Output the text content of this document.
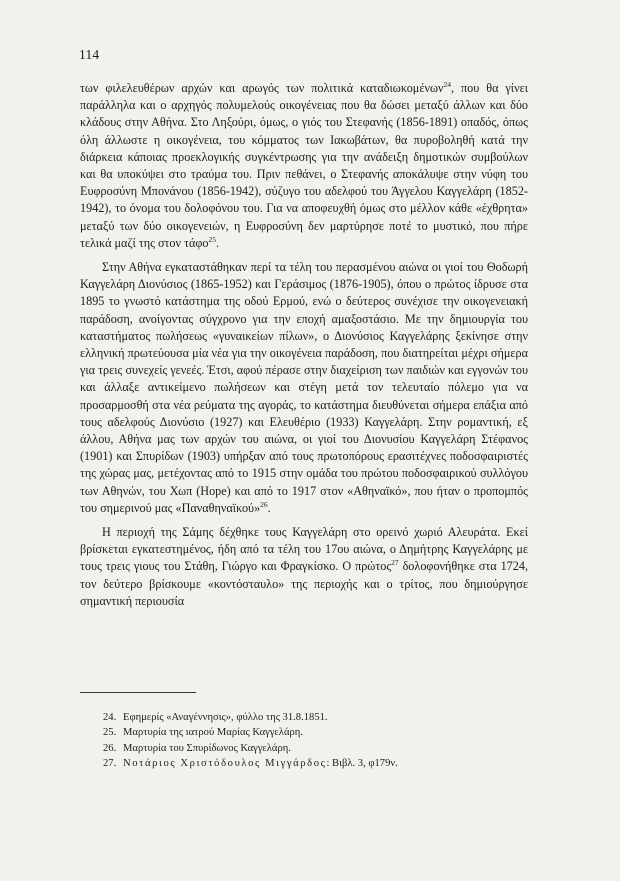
114

των φιλελευθέρων αρχών και αρωγός των πολιτικά καταδιωκομένων$^{24}$, που θα γίνει παράλληλα και ο αρχηγός πολυμελούς οικογένειας που θα δώσει μεταξύ άλλων και δύο κλάδους στην Αθήνα. Στο Ληξούρι, όμως, ο γιός του Στεφανής (1856-1891) οπαδός, όπως όλη άλλωστε η οικογένεια, του κόμματος των Ιακωβάτων, θα πυροβοληθή κατά την διάρκεια κάποιας προεκλογικής συγκέντρωσης για την ανάδειξη δημοτικών συμβούλων και θα υποκύψει στο τραύμα του. Πριν πεθάνει, ο Στεφανής αποκάλυψε στην νύφη του Ευφροσύνη Μπονάνου (1856-1942), σύζυγο του αδελφού του Άγγελου Καγγελάρη (1852-1942), το όνομα του δολοφόνου του. Για να αποφευχθή όμως στο μέλλον κάθε «έχθρητα» μεταξύ των δύο οικογενειών, η Ευφροσύνη δεν μαρτύρησε ποτέ το μυστικό, που πήρε τελικά μαζί της στον τάφο$^{25}$.

Στην Αθήνα εγκαταστάθηκαν περί τα τέλη του περασμένου αιώνα οι γιοί του Θοδωρή Καγγελάρη Διονύσιος (1865-1952) και Γεράσιμος (1876-1905), όπου ο πρώτος ίδρυσε στα 1895 το γνωστό κατάστημα της οδού Ερμού, ενώ ο δεύτερος συνέχισε την οικογενειακή παράδοση, ανοίγοντας σύγχρονο για την εποχή αμαξοστάσιο. Με την δημιουργία του καταστήματος πωλήσεως «γυναικείων πίλων», ο Διονύσιος Καγγελάρης ξεκίνησε στην ελληνική πρωτεύουσα μία νέα για την οικογένεια παράδοση, που διατηρείται μέχρι σήμερα για τρεις συνεχείς γενεές. Έτσι, αφού πέρασε στην διαχείριση των παιδιών και εγγονών του και άλλαξε αντικείμενο πωλήσεων και στέγη μετά τον τελευταίο πόλεμο για να προσαρμοσθή στα νέα ρεύματα της αγοράς, το κατάστημα διευθύνεται σήμερα επάξια από τους αδελφούς Διονύσιο (1927) και Ελευθέριο (1933) Καγγελάρη. Στην ρομαντική, εξ άλλου, Αθήνα μας των αρχών του αιώνα, οι γιοί του Διονυσίου Καγγελάρη Στέφανος (1901) και Σπυρίδων (1903) υπήρξαν από τους πρωτοπόρους ερασιτέχνες ποδοσφαιριστές της χώρας μας, μετέχοντας από το 1915 στην ομάδα του πρώτου ποδοσφαιρικού συλλόγου των Αθηνών, του Χωπ (Hope) και από το 1917 στον «Αθηναϊκό», που ήταν ο προπομπός του σημερινού μας «Παναθηναϊκού»$^{26}$.

Η περιοχή της Σάμης δέχθηκε τους Καγγελάρη στο ορεινό χωριό Αλευράτα. Εκεί βρίσκεται εγκατεστημένος, ήδη από τα τέλη του 17ου αιώνα, ο Δημήτρης Καγγελάρης με τους τρεις γιους του Στάθη, Γιώργο και Φραγκίσκο. Ο πρώτος$^{27}$ δολοφονήθηκε στα 1724, τον δεύτερο βρίσκουμε «κοντόσταυλο» της περιοχής και ο τρίτος, που δημιούργησε σημαντική περιουσία

24. Εφημερίς «Αναγέννησις», φύλλο της 31.8.1851.

25. Μαρτυρία της ιατρού Μαρίας Καγγελάρη.

26. Μαρτυρία του Σπυρίδωνος Καγγελάρη.

27. Νοτάριος Χριστόδουλος Μιγγάρδος: Βιβλ. 3, φ179ν.
